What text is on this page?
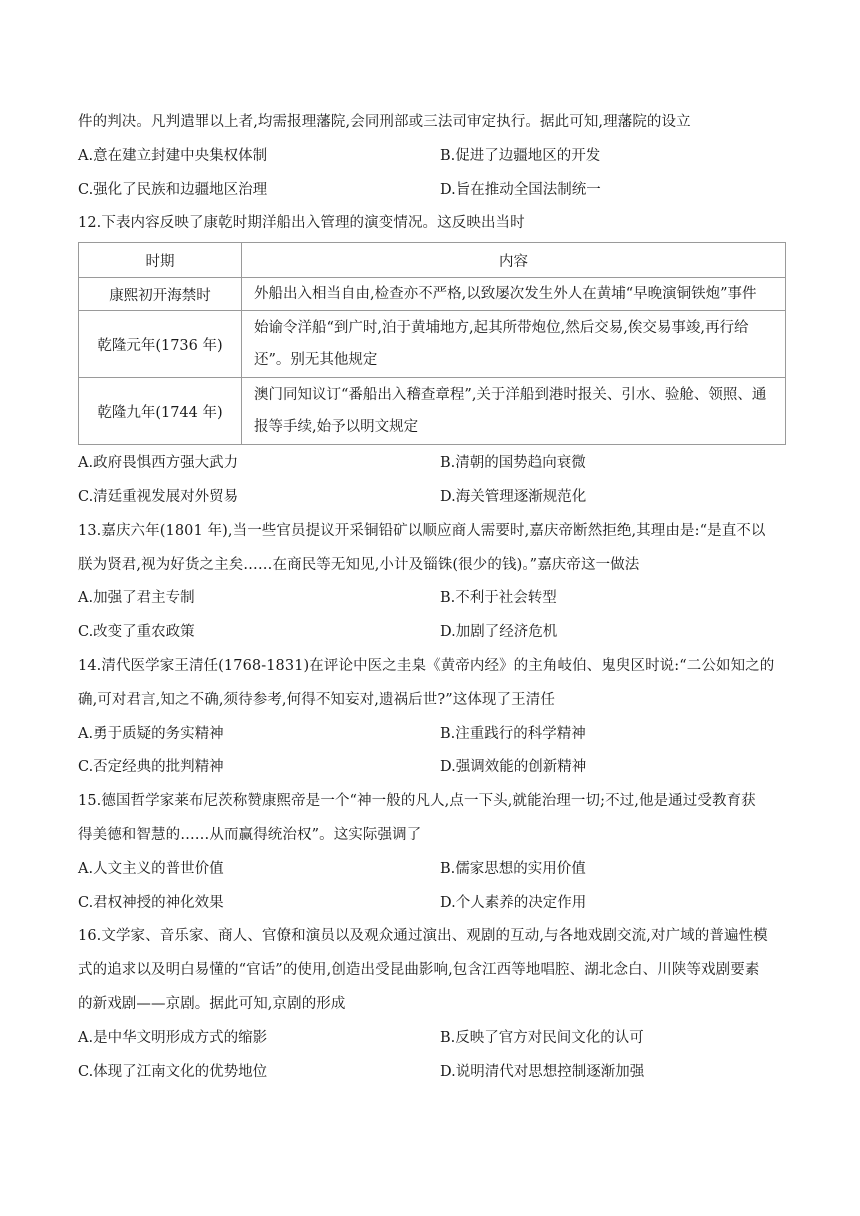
件的判决。凡判遣罪以上者,均需报理藩院,会同刑部或三法司审定执行。据此可知,理藩院的设立
A.意在建立封建中央集权体制	B.促进了边疆地区的开发
C.强化了民族和边疆地区治理	D.旨在推动全国法制统一
12.下表内容反映了康乾时期洋船出入管理的演变情况。这反映出当时
时期	内容
康熙初开海禁时	外船出入相当自由,检查亦不严格,以致屡次发生外人在黄埔“早晚演铜铁炮”事件

乾隆元年(1736 年)	始谕令洋船“到广时,泊于黄埔地方,起其所带炮位,然后交易,俟交易事竣,再行给
还”。别无其他规定

乾隆九年(1744 年)	澳门同知议订“番船出入稽查章程”,关于洋船到港时报关、引水、验舱、领照、通
报等手续,始予以明文规定
A.政府畏惧西方强大武力	B.清朝的国势趋向衰微
C.清廷重视发展对外贸易	D.海关管理逐渐规范化
13.嘉庆六年(1801 年),当一些官员提议开采铜铅矿以顺应商人需要时,嘉庆帝断然拒绝,其理由是:“是直不以
朕为贤君,视为好货之主矣……在商民等无知见,小计及锱铢(很少的钱)。”嘉庆帝这一做法
A.加强了君主专制	B.不利于社会转型
C.改变了重农政策	D.加剧了经济危机
14.清代医学家王清任(1768-1831)在评论中医之圭臬《黄帝内经》的主角岐伯、鬼臾区时说:“二公如知之的
确,可对君言,知之不确,须待参考,何得不知妄对,遗祸后世?”这体现了王清任
A.勇于质疑的务实精神	B.注重践行的科学精神
C.否定经典的批判精神	D.强调效能的创新精神
15.德国哲学家莱布尼茨称赞康熙帝是一个“神一般的凡人,点一下头,就能治理一切;不过,他是通过受教育获
得美德和智慧的……从而赢得统治权”。这实际强调了
A.人文主义的普世价值	B.儒家思想的实用价值
C.君权神授的神化效果	D.个人素养的决定作用
16.文学家、音乐家、商人、官僚和演员以及观众通过演出、观剧的互动,与各地戏剧交流,对广域的普遍性模
式的追求以及明白易懂的“官话”的使用,创造出受昆曲影响,包含江西等地唱腔、湖北念白、川陕等戏剧要素
的新戏剧——京剧。据此可知,京剧的形成
A.是中华文明形成方式的缩影	B.反映了官方对民间文化的认可
C.体现了江南文化的优势地位	D.说明清代对思想控制逐渐加强
